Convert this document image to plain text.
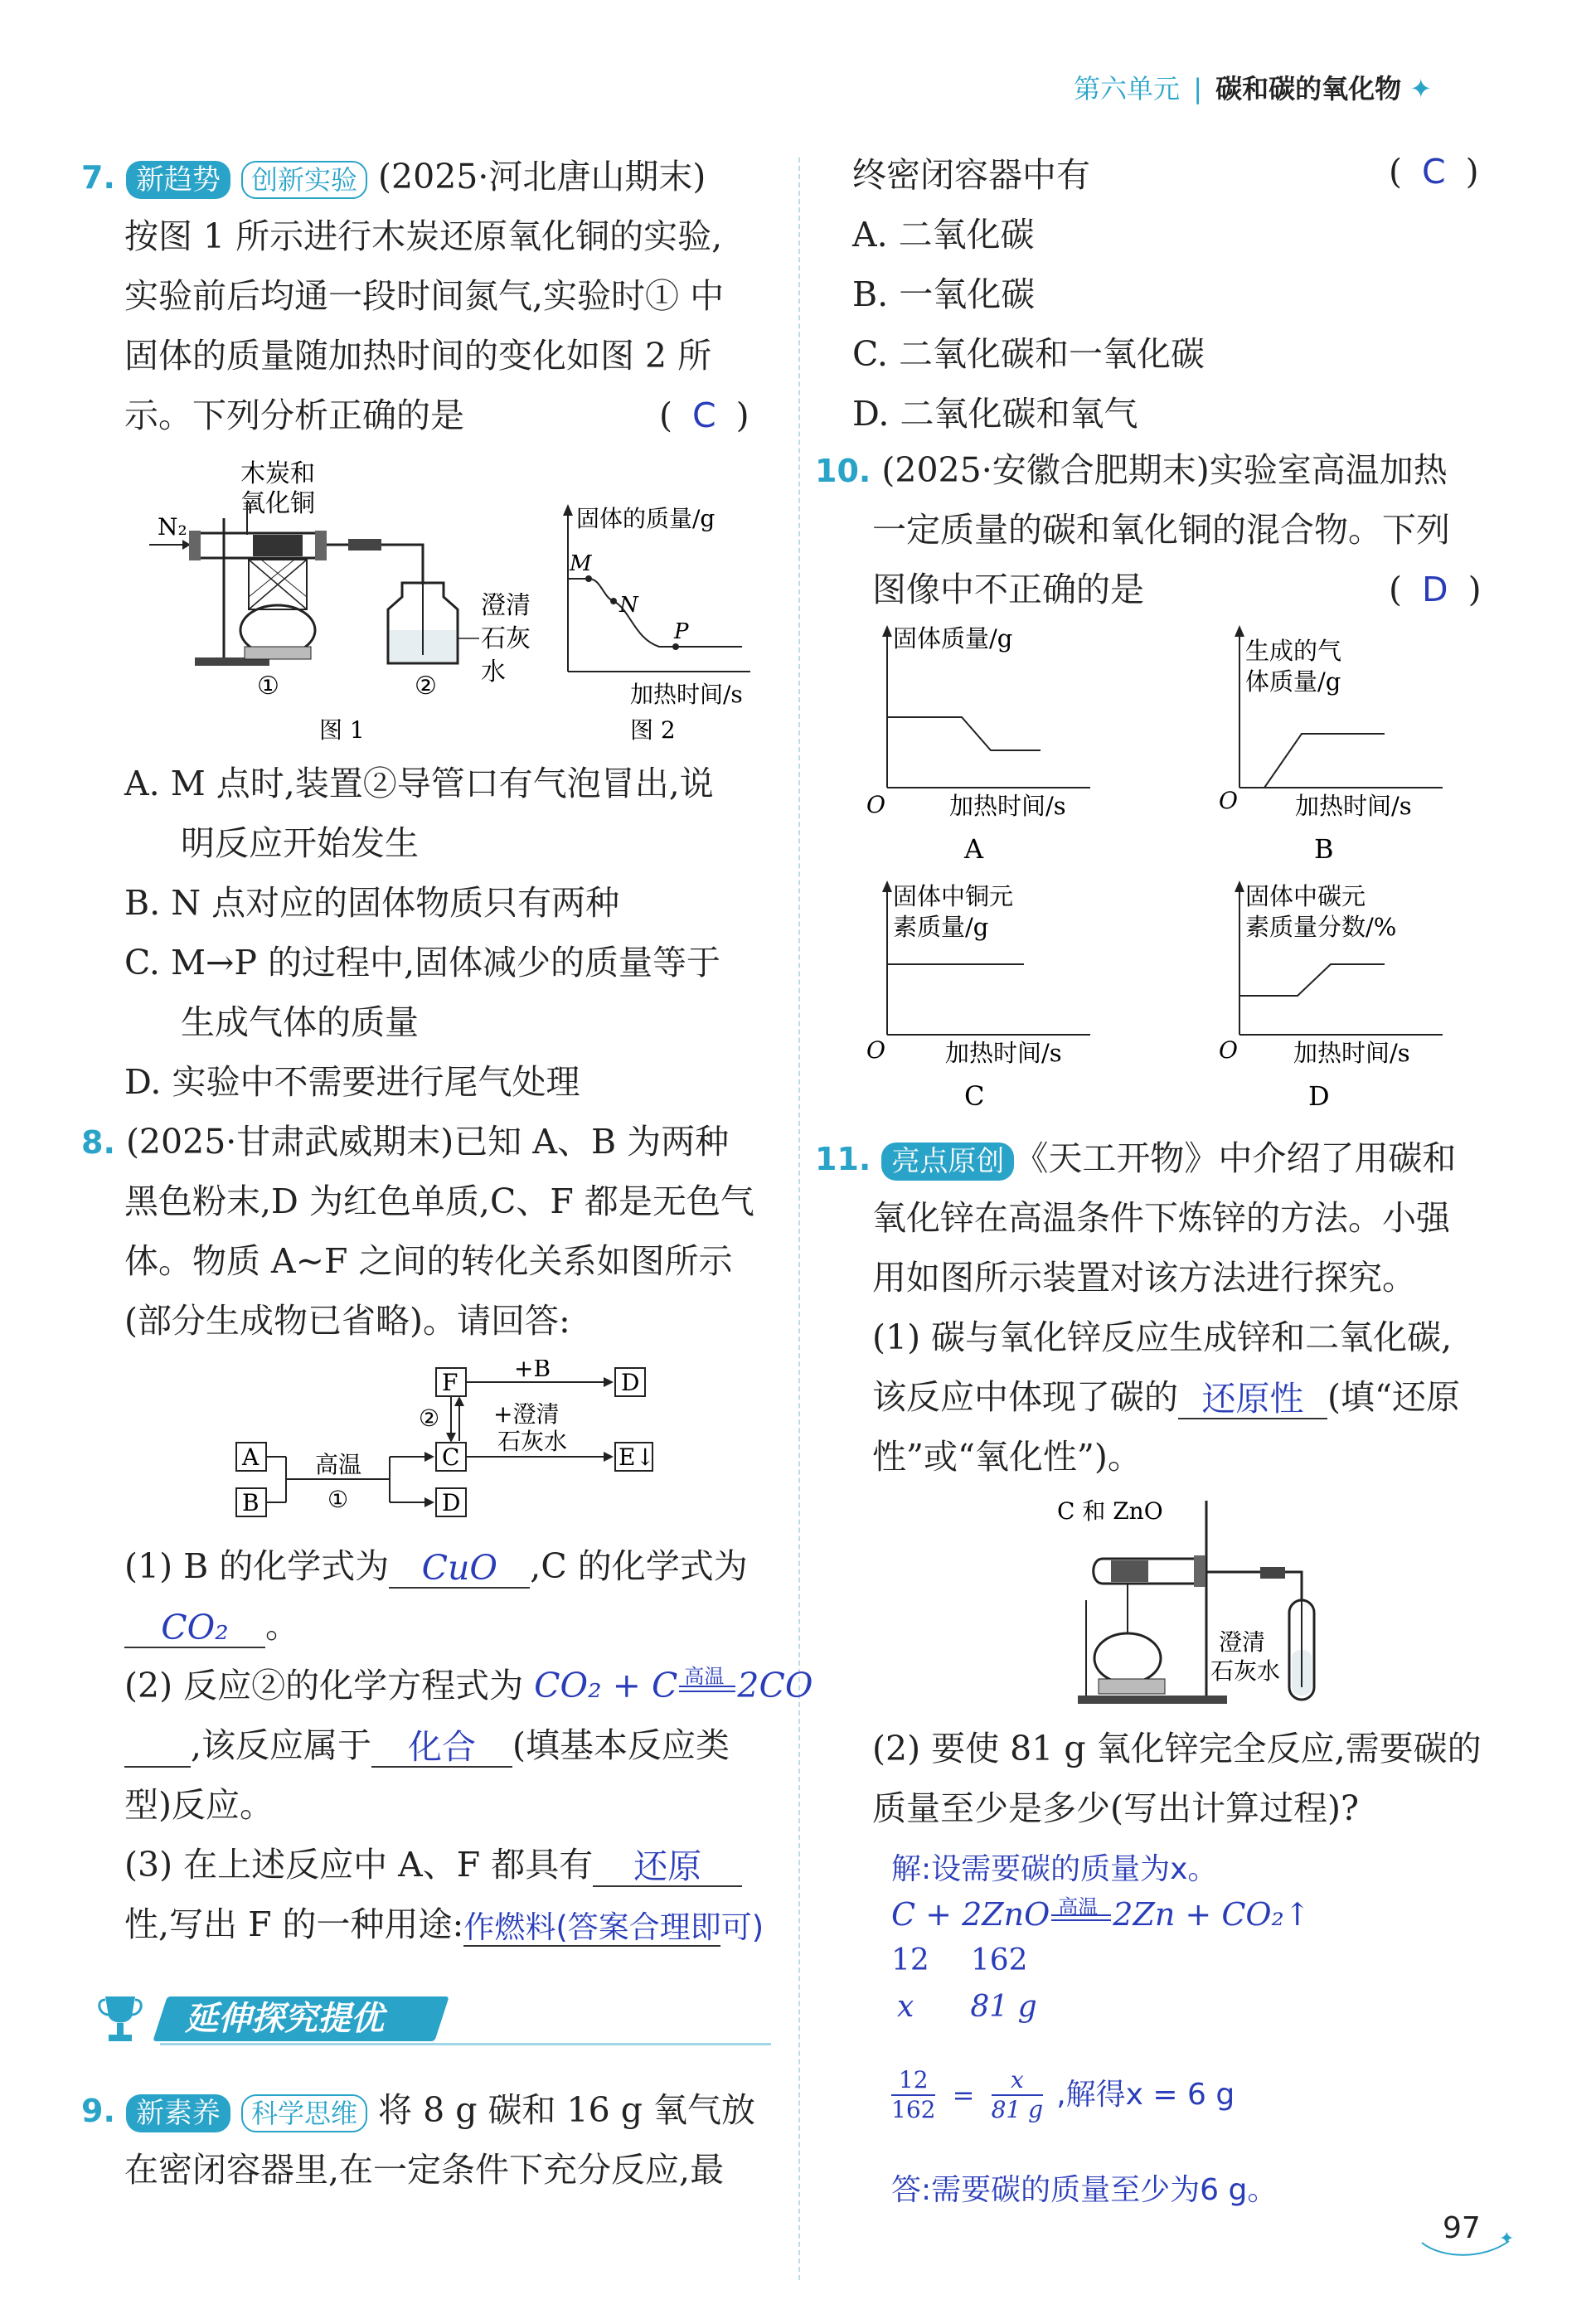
第六单元 | 碳和碳的氧化物 ✦
7. 新趋势 创新实验 (2025·河北唐山期末)
按图 1 所示进行木炭还原氧化铜的实验,
实验前后均通一段时间氮气,实验时① 中
固体的质量随加热时间的变化如图 2 所
示。下列分析正确的是	( C )
木炭和
氧化铜
N₂
澄清
石灰
水
①	②
图 1
固体的质量/g
M
N
P
加热时间/s
图 2
A. M 点时,装置②导管口有气泡冒出,说
明反应开始发生
B. N 点对应的固体物质只有两种
C. M→P 的过程中,固体减少的质量等于
生成气体的质量
D. 实验中不需要进行尾气处理
8. (2025·甘肃武威期末)已知 A、B 为两种
黑色粉末,D 为红色单质,C、F 都是无色气
体。物质 A~F 之间的转化关系如图所示
(部分生成物已省略)。请回答:
A
B
高温
①
C
D
F
②
+B
D
+澄清
石灰水
E↓
(1) B 的化学式为 CuO ,C 的化学式为
CO₂ 。
(2) 反应②的化学方程式为 CO₂ + C 高温 2CO
,该反应属于 化合 (填基本反应类
型)反应。
(3) 在上述反应中 A、F 都具有 还原
性,写出 F 的一种用途:作燃料(答案合理即可)
延伸探究提优
9. 新素养 科学思维 将 8 g 碳和 16 g 氧气放
在密闭容器里,在一定条件下充分反应,最
终密闭容器中有	( C )
A. 二氧化碳
B. 一氧化碳
C. 二氧化碳和一氧化碳
D. 二氧化碳和氧气
10. (2025·安徽合肥期末)实验室高温加热
一定质量的碳和氧化铜的混合物。下列
图像中不正确的是	( D )
固体质量/g
O	加热时间/s
A
生成的气
体质量/g
O 加热时间/s
B
固体中铜元
素质量/g
O 加热时间/s
C
固体中碳元
素质量分数/%
O 加热时间/s
D
11. 亮点原创 《天工开物》中介绍了用碳和
氧化锌在高温条件下炼锌的方法。小强
用如图所示装置对该方法进行探究。
(1) 碳与氧化锌反应生成锌和二氧化碳,
该反应中体现了碳的 还原性 (填“还原
性”或“氧化性”)。
C 和 ZnO
澄清
石灰水
(2) 要使 81 g 氧化锌完全反应,需要碳的
质量至少是多少(写出计算过程)?
解:设需要碳的质量为x。
C + 2ZnO 高温 2Zn + CO₂↑
12 162
x 81 g
$\frac{12}{162} = \frac{x}{81 g}$ ,解得x = 6 g
答:需要碳的质量至少为6 g。
✦
97
